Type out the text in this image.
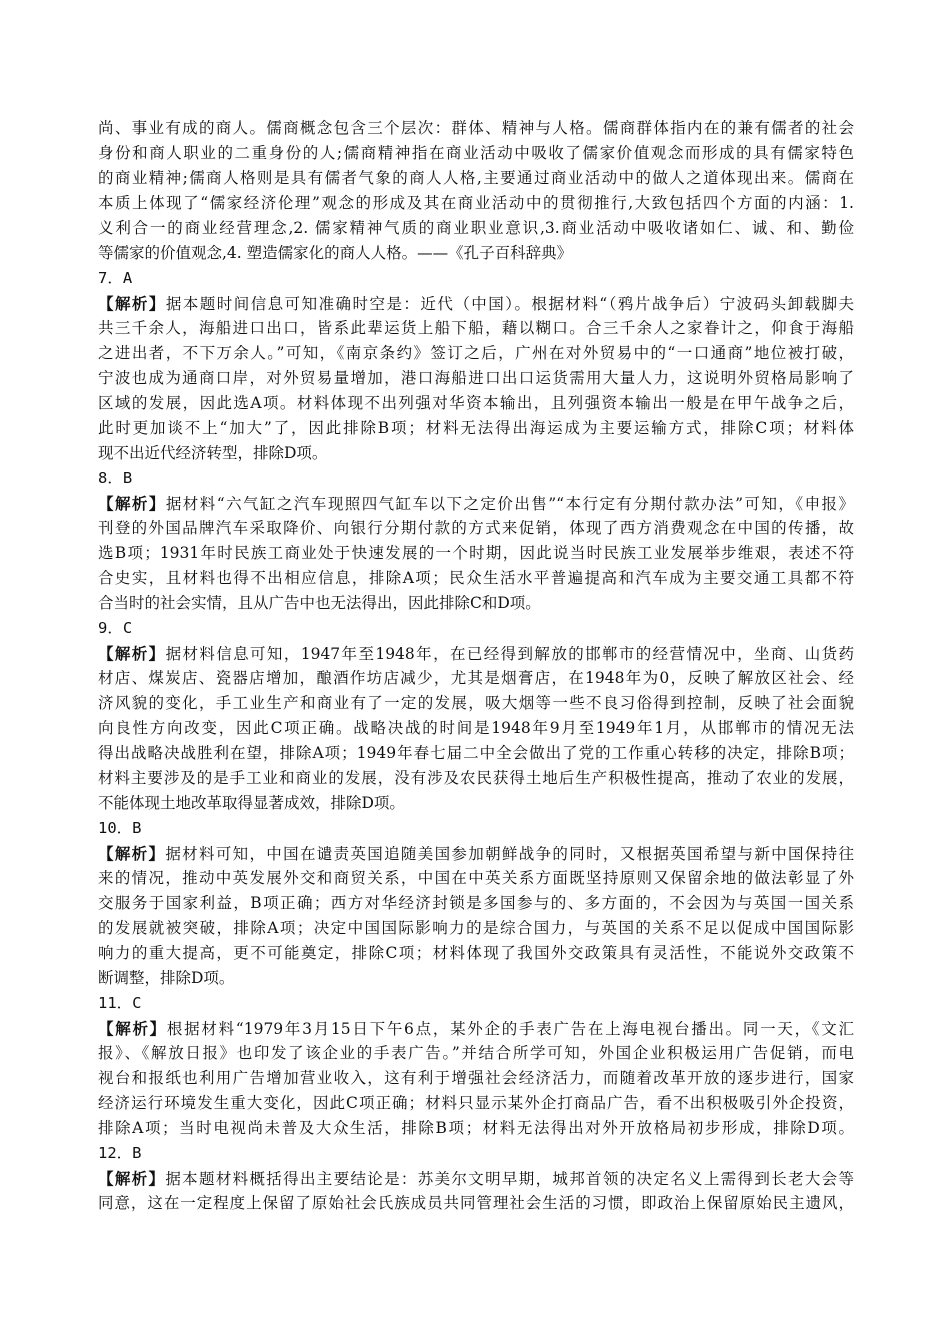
尚、事业有成的商人。儒商概念包含三个层次：群体、精神与人格。儒商群体指内在的兼有儒者的社会
身份和商人职业的二重身份的人;儒商精神指在商业活动中吸收了儒家价值观念而形成的具有儒家特色
的商业精神;儒商人格则是具有儒者气象的商人人格,主要通过商业活动中的做人之道体现出来。儒商在
本质上体现了“儒家经济伦理”观念的形成及其在商业活动中的贯彻推行,大致包括四个方面的内涵：1.
义利合一的商业经营理念,2. 儒家精神气质的商业职业意识,3.商业活动中吸收诸如仁、诚、和、勤俭
等儒家的价值观念,4. 塑造儒家化的商人人格。——《孔子百科辞典》
7．A
【解析】据本题时间信息可知准确时空是：近代（中国）。根据材料“（鸦片战争后）宁波码头卸载脚夫
共三千余人，海船进口出口，皆系此辈运货上船下船，藉以糊口。合三千余人之家眷计之，仰食于海船
之进出者，不下万余人。”可知，《南京条约》签订之后，广州在对外贸易中的“一口通商”地位被打破，
宁波也成为通商口岸，对外贸易量增加，港口海船进口出口运货需用大量人力，这说明外贸格局影响了
区域的发展，因此选A项。材料体现不出列强对华资本输出，且列强资本输出一般是在甲午战争之后，
此时更加谈不上“加大”了，因此排除B项；材料无法得出海运成为主要运输方式，排除C项；材料体
现不出近代经济转型，排除D项。
8．B
【解析】据材料“六气缸之汽车现照四气缸车以下之定价出售”“本行定有分期付款办法”可知，《申报》
刊登的外国品牌汽车采取降价、向银行分期付款的方式来促销，体现了西方消费观念在中国的传播，故
选B项；1931年时民族工商业处于快速发展的一个时期，因此说当时民族工业发展举步维艰，表述不符
合史实，且材料也得不出相应信息，排除A项；民众生活水平普遍提高和汽车成为主要交通工具都不符
合当时的社会实情，且从广告中也无法得出，因此排除C和D项。
9．C
【解析】据材料信息可知，1947年至1948年，在已经得到解放的邯郸市的经营情况中，坐商、山货药
材店、煤炭店、瓷器店增加，酿酒作坊店减少，尤其是烟膏店，在1948年为0，反映了解放区社会、经
济风貌的变化，手工业生产和商业有了一定的发展，吸大烟等一些不良习俗得到控制，反映了社会面貌
向良性方向改变，因此C项正确。战略决战的时间是1948年9月至1949年1月，从邯郸市的情况无法
得出战略决战胜利在望，排除A项；1949年春七届二中全会做出了党的工作重心转移的决定，排除B项；
材料主要涉及的是手工业和商业的发展，没有涉及农民获得土地后生产积极性提高，推动了农业的发展，
不能体现土地改革取得显著成效，排除D项。
10．B
【解析】据材料可知，中国在谴责英国追随美国参加朝鲜战争的同时，又根据英国希望与新中国保持往
来的情况，推动中英发展外交和商贸关系，中国在中英关系方面既坚持原则又保留余地的做法彰显了外
交服务于国家利益，B项正确；西方对华经济封锁是多国参与的、多方面的，不会因为与英国一国关系
的发展就被突破，排除A项；决定中国国际影响力的是综合国力，与英国的关系不足以促成中国国际影
响力的重大提高，更不可能奠定，排除C项；材料体现了我国外交政策具有灵活性，不能说外交政策不
断调整，排除D项。
11．C
【解析】根据材料“1979年3月15日下午6点，某外企的手表广告在上海电视台播出。同一天，《文汇
报》、《解放日报》也印发了该企业的手表广告。”并结合所学可知，外国企业积极运用广告促销，而电
视台和报纸也利用广告增加营业收入，这有利于增强社会经济活力，而随着改革开放的逐步进行，国家
经济运行环境发生重大变化，因此C项正确；材料只显示某外企打商品广告，看不出积极吸引外企投资，
排除A项；当时电视尚未普及大众生活，排除B项；材料无法得出对外开放格局初步形成，排除D项。
12．B
【解析】据本题材料概括得出主要结论是：苏美尔文明早期，城邦首领的决定名义上需得到长老大会等
同意，这在一定程度上保留了原始社会氏族成员共同管理社会生活的习惯，即政治上保留原始民主遗风，
